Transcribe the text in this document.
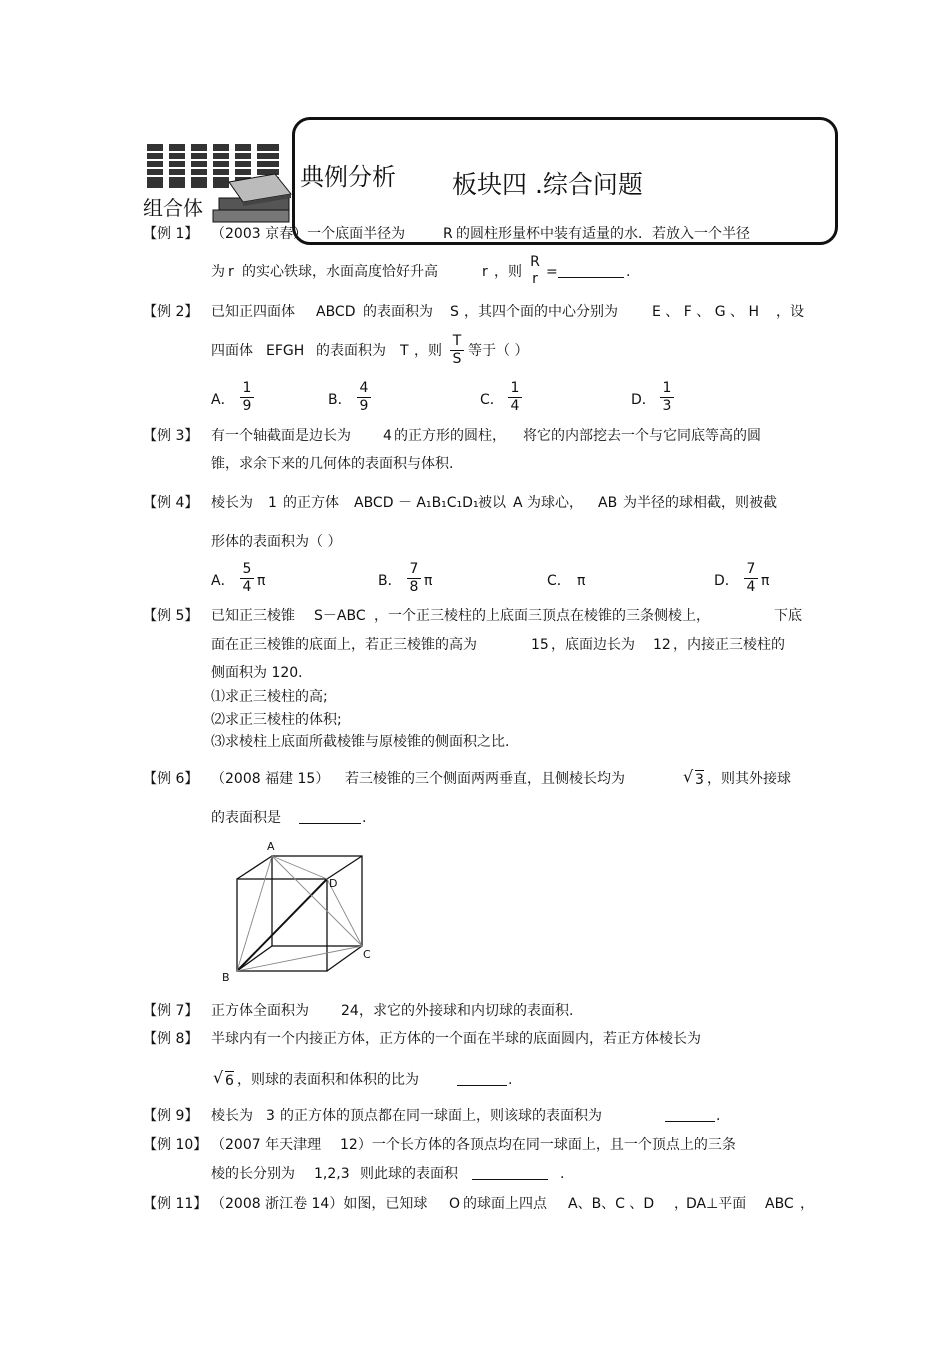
典例分析 板块四 .综合问题
组合体
【例 1】 （2003 京春）一个底面半径为	R 的圆柱形量杯中装有适量的水．若放入一个半径
为 r 的实心铁球，水面高度恰好升高	r ，则
R
r =	.
【例 2】 已知正四面体 ABCD 的表面积为 S ，其四个面的中心分别为 E 、 F 、 G 、 H ，设
四面体 EFGH 的表面积为 T ，则
T
S 等于（ ）
A．
1
9	B．
4
9	C．
1
4	D．
1
3
【例 3】 有一个轴截面是边长为 4 的正方形的圆柱， 将它的内部挖去一个与它同底等高的圆
锥，求余下来的几何体的表面积与体积.
【例 4】 棱长为 1 的正方体 ABCD － A₁B₁C₁D₁ 被以 A 为球心， AB 为半径的球相截，则被截
形体的表面积为（ ）
A．
5
4 π	B．
7
8 π	C． π	D．
7
4 π
【例 5】 已知正三棱锥 S－ABC ，一个正三棱柱的上底面三顶点在棱锥的三条侧棱上，	下底
面在正三棱锥的底面上，若正三棱锥的高为	15 ，底面边长为 12 ，内接正三棱柱的
侧面积为 120．
⑴求正三棱柱的高;
⑵求正三棱柱的体积;
⑶求棱柱上底面所截棱锥与原棱锥的侧面积之比.
【例 6】 （2008 福建 15） 若三棱锥的三个侧面两两垂直，且侧棱长均为	√ 3 ，则其外接球
的表面积是	.
A
D
C
B
【例 7】 正方体全面积为 24 ，求它的外接球和内切球的表面积.
【例 8】 半球内有一个内接正方体，正方体的一个面在半球的底面圆内，若正方体棱长为
√ 6 ，则球的表面积和体积的比为	.
【例 9】 棱长为 3 的正方体的顶点都在同一球面上，则该球的表面积为	.
【例 10】 （2007 年天津理 12）一个长方体的各顶点均在同一球面上，且一个顶点上的三条
棱的长分别为 1,2,3 则此球的表面积	.
【例 11】 （2008 浙江卷 14）如图，已知球 O 的球面上四点 A、B、C 、D ，
DA⊥平面 ABC ，
